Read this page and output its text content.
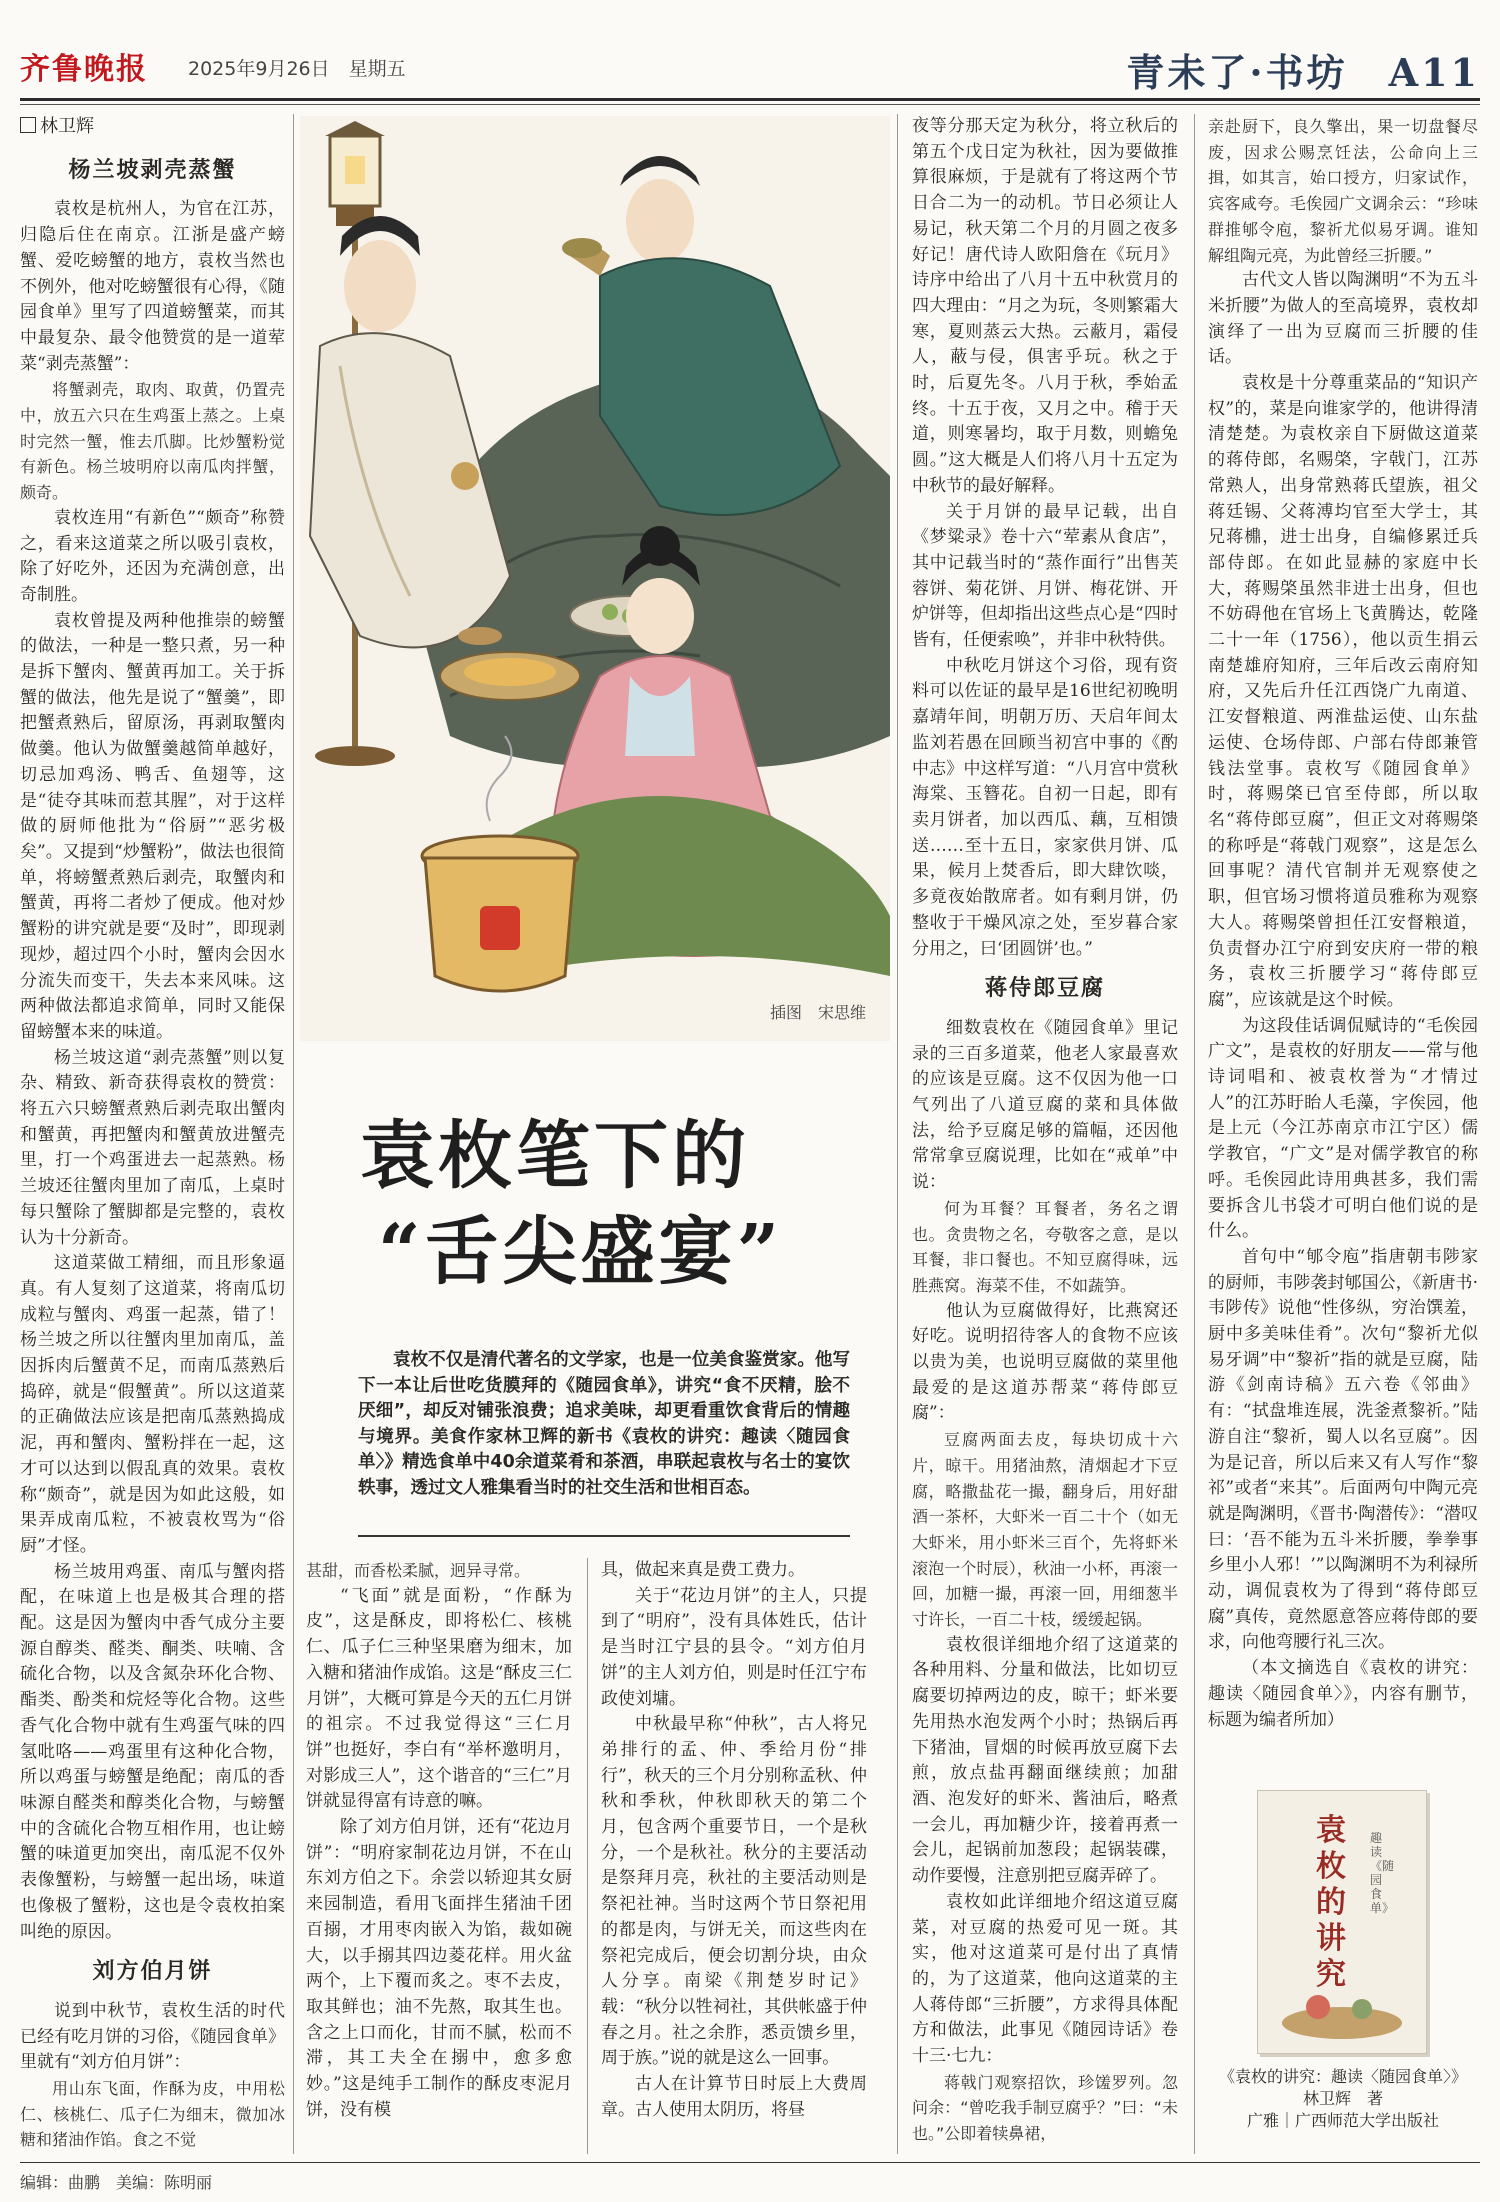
齐鲁晚报 2025年9月26日　星期五	青未了·书坊　A11

林卫辉

杨兰坡剥壳蒸蟹

袁枚是杭州人，为官在江苏，归隐后住在南京。江浙是盛产螃蟹、爱吃螃蟹的地方，袁枚当然也不例外，他对吃螃蟹很有心得，《随园食单》里写了四道螃蟹菜，而其中最复杂、最令他赞赏的是一道荤菜“剥壳蒸蟹”：

将蟹剥壳，取肉、取黄，仍置壳中，放五六只在生鸡蛋上蒸之。上桌时完然一蟹，惟去爪脚。比炒蟹粉觉有新色。杨兰坡明府以南瓜肉拌蟹，颇奇。

袁枚连用“有新色”“颇奇”称赞之，看来这道菜之所以吸引袁枚，除了好吃外，还因为充满创意，出奇制胜。

袁枚曾提及两种他推崇的螃蟹的做法，一种是一整只煮，另一种是拆下蟹肉、蟹黄再加工。关于拆蟹的做法，他先是说了“蟹羹”，即把蟹煮熟后，留原汤，再剥取蟹肉做羹。他认为做蟹羹越简单越好，切忌加鸡汤、鸭舌、鱼翅等，这是“徒夺其味而惹其腥”，对于这样做的厨师他批为“俗厨”“恶劣极矣”。又提到“炒蟹粉”，做法也很简单，将螃蟹煮熟后剥壳，取蟹肉和蟹黄，再将二者炒了便成。他对炒蟹粉的讲究就是要“及时”，即现剥现炒，超过四个小时，蟹肉会因水分流失而变干，失去本来风味。这两种做法都追求简单，同时又能保留螃蟹本来的味道。

杨兰坡这道“剥壳蒸蟹”则以复杂、精致、新奇获得袁枚的赞赏：将五六只螃蟹煮熟后剥壳取出蟹肉和蟹黄，再把蟹肉和蟹黄放进蟹壳里，打一个鸡蛋进去一起蒸熟。杨兰坡还往蟹肉里加了南瓜，上桌时每只蟹除了蟹脚都是完整的，袁枚认为十分新奇。

这道菜做工精细，而且形象逼真。有人复刻了这道菜，将南瓜切成粒与蟹肉、鸡蛋一起蒸，错了！杨兰坡之所以往蟹肉里加南瓜，盖因拆肉后蟹黄不足，而南瓜蒸熟后捣碎，就是“假蟹黄”。所以这道菜的正确做法应该是把南瓜蒸熟捣成泥，再和蟹肉、蟹粉拌在一起，这才可以达到以假乱真的效果。袁枚称“颇奇”，就是因为如此这般，如果弄成南瓜粒，不被袁枚骂为“俗厨”才怪。

杨兰坡用鸡蛋、南瓜与蟹肉搭配，在味道上也是极其合理的搭配。这是因为蟹肉中香气成分主要源自醇类、醛类、酮类、呋喃、含硫化合物，以及含氮杂环化合物、酯类、酚类和烷烃等化合物。这些香气化合物中就有生鸡蛋气味的四氢吡咯——鸡蛋里有这种化合物，所以鸡蛋与螃蟹是绝配；南瓜的香味源自醛类和醇类化合物，与螃蟹中的含硫化合物互相作用，也让螃蟹的味道更加突出，南瓜泥不仅外表像蟹粉，与螃蟹一起出场，味道也像极了蟹粉，这也是令袁枚拍案叫绝的原因。

刘方伯月饼

说到中秋节，袁枚生活的时代已经有吃月饼的习俗，《随园食单》里就有“刘方伯月饼”：

用山东飞面，作酥为皮，中用松仁、核桃仁、瓜子仁为细末，微加冰糖和猪油作馅。食之不觉

插图　宋思维
袁枚笔下的
“舌尖盛宴”

袁枚不仅是清代著名的文学家，也是一位美食鉴赏家。他写下一本让后世吃货膜拜的《随园食单》，讲究“食不厌精，脍不厌细”，却反对铺张浪费；追求美味，却更看重饮食背后的情趣与境界。美食作家林卫辉的新书《袁枚的讲究：趣读〈随园食单〉》精选食单中40余道菜肴和茶酒，串联起袁枚与名士的宴饮轶事，透过文人雅集看当时的社交生活和世相百态。

甚甜，而香松柔腻，迥异寻常。

“飞面”就是面粉，“作酥为皮”，这是酥皮，即将松仁、核桃仁、瓜子仁三种坚果磨为细末，加入糖和猪油作成馅。这是“酥皮三仁月饼”，大概可算是今天的五仁月饼的祖宗。不过我觉得这“三仁月饼”也挺好，李白有“举杯邀明月，对影成三人”，这个谐音的“三仁”月饼就显得富有诗意的嘛。

除了刘方伯月饼，还有“花边月饼”：“明府家制花边月饼，不在山东刘方伯之下。余尝以轿迎其女厨来园制造，看用飞面拌生猪油千团百搦，才用枣肉嵌入为馅，裁如碗大，以手搦其四边菱花样。用火盆两个，上下覆而炙之。枣不去皮，取其鲜也；油不先熬，取其生也。含之上口而化，甘而不腻，松而不滞，其工夫全在搦中，愈多愈妙。”这是纯手工制作的酥皮枣泥月饼，没有模

具，做起来真是费工费力。

关于“花边月饼”的主人，只提到了“明府”，没有具体姓氏，估计是当时江宁县的县令。“刘方伯月饼”的主人刘方伯，则是时任江宁布政使刘墉。

中秋最早称“仲秋”，古人将兄弟排行的孟、仲、季给月份“排行”，秋天的三个月分别称孟秋、仲秋和季秋，仲秋即秋天的第二个月，包含两个重要节日，一个是秋分，一个是秋社。秋分的主要活动是祭拜月亮，秋社的主要活动则是祭祀社神。当时这两个节日祭祀用的都是肉，与饼无关，而这些肉在祭祀完成后，便会切割分块，由众人分享。南梁《荆楚岁时记》载：“秋分以牲祠社，其供帐盛于仲春之月。社之余胙，悉贡馈乡里，周于族。”说的就是这么一回事。

古人在计算节日时辰上大费周章。古人使用太阴历，将昼

夜等分那天定为秋分，将立秋后的第五个戊日定为秋社，因为要做推算很麻烦，于是就有了将这两个节日合二为一的动机。节日必须让人易记，秋天第二个月的月圆之夜多好记！唐代诗人欧阳詹在《玩月》诗序中给出了八月十五中秋赏月的四大理由：“月之为玩，冬则繁霜大寒，夏则蒸云大热。云蔽月，霜侵人，蔽与侵，俱害乎玩。秋之于时，后夏先冬。八月于秋，季始孟终。十五于夜，又月之中。稽于天道，则寒暑均，取于月数，则蟾兔圆。”这大概是人们将八月十五定为中秋节的最好解释。

关于月饼的最早记载，出自《梦粱录》卷十六“荤素从食店”，其中记载当时的“蒸作面行”出售芙蓉饼、菊花饼、月饼、梅花饼、开炉饼等，但却指出这些点心是“四时皆有，任便索唤”，并非中秋特供。

中秋吃月饼这个习俗，现有资料可以佐证的最早是16世纪初晚明嘉靖年间，明朝万历、天启年间太监刘若愚在回顾当初宫中事的《酌中志》中这样写道：“八月宫中赏秋海棠、玉簪花。自初一日起，即有卖月饼者，加以西瓜、藕，互相馈送……至十五日，家家供月饼、瓜果，候月上焚香后，即大肆饮啖，多竟夜始散席者。如有剩月饼，仍整收于干燥风凉之处，至岁暮合家分用之，曰‘团圆饼’也。”

蒋侍郎豆腐

细数袁枚在《随园食单》里记录的三百多道菜，他老人家最喜欢的应该是豆腐。这不仅因为他一口气列出了八道豆腐的菜和具体做法，给予豆腐足够的篇幅，还因他常常拿豆腐说理，比如在“戒单”中说：

何为耳餐？耳餐者，务名之谓也。贪贵物之名，夸敬客之意，是以耳餐，非口餐也。不知豆腐得味，远胜燕窝。海菜不佳，不如蔬笋。

他认为豆腐做得好，比燕窝还好吃。说明招待客人的食物不应该以贵为美，也说明豆腐做的菜里他最爱的是这道苏帮菜“蒋侍郎豆腐”：

豆腐两面去皮，每块切成十六片，晾干。用猪油熬，清烟起才下豆腐，略撒盐花一撮，翻身后，用好甜酒一茶杯，大虾米一百二十个（如无大虾米，用小虾米三百个，先将虾米滚泡一个时辰），秋油一小杯，再滚一回，加糖一撮，再滚一回，用细葱半寸许长，一百二十枝，缓缓起锅。

袁枚很详细地介绍了这道菜的各种用料、分量和做法，比如切豆腐要切掉两边的皮，晾干；虾米要先用热水泡发两个小时；热锅后再下猪油，冒烟的时候再放豆腐下去煎，放点盐再翻面继续煎；加甜酒、泡发好的虾米、酱油后，略煮一会儿，再加糖少许，接着再煮一会儿，起锅前加葱段；起锅装碟，动作要慢，注意别把豆腐弄碎了。

袁枚如此详细地介绍这道豆腐菜，对豆腐的热爱可见一斑。其实，他对这道菜可是付出了真情的，为了这道菜，他向这道菜的主人蒋侍郎“三折腰”，方求得具体配方和做法，此事见《随园诗话》卷十三·七九：

蒋戟门观察招饮，珍馐罗列。忽问余：“曾吃我手制豆腐乎？”曰：“未也。”公即着犊鼻裙，

亲赴厨下，良久擎出，果一切盘餐尽废，因求公赐烹饪法，公命向上三揖，如其言，始口授方，归家试作，宾客咸夸。毛俟园广文调余云：“珍味群推郇令庖，黎祈尤似易牙调。谁知解组陶元亮，为此曾经三折腰。”

古代文人皆以陶渊明“不为五斗米折腰”为做人的至高境界，袁枚却演绎了一出为豆腐而三折腰的佳话。

袁枚是十分尊重菜品的“知识产权”的，菜是向谁家学的，他讲得清清楚楚。为袁枚亲自下厨做这道菜的蒋侍郎，名赐棨，字戟门，江苏常熟人，出身常熟蒋氏望族，祖父蒋廷锡、父蒋溥均官至大学士，其兄蒋檙，进士出身，自编修累迁兵部侍郎。在如此显赫的家庭中长大，蒋赐棨虽然非进士出身，但也不妨碍他在官场上飞黄腾达，乾隆二十一年（1756），他以贡生捐云南楚雄府知府，三年后改云南府知府，又先后升任江西饶广九南道、江安督粮道、两淮盐运使、山东盐运使、仓场侍郎、户部右侍郎兼管钱法堂事。袁枚写《随园食单》时，蒋赐棨已官至侍郎，所以取名“蒋侍郎豆腐”，但正文对蒋赐棨的称呼是“蒋戟门观察”，这是怎么回事呢？清代官制并无观察使之职，但官场习惯将道员雅称为观察大人。蒋赐棨曾担任江安督粮道，负责督办江宁府到安庆府一带的粮务，袁枚三折腰学习“蒋侍郎豆腐”，应该就是这个时候。

为这段佳话调侃赋诗的“毛俟园广文”，是袁枚的好朋友——常与他诗词唱和、被袁枚誉为“才情过人”的江苏盱眙人毛藻，字俟园，他是上元（今江苏南京市江宁区）儒学教官，“广文”是对儒学教官的称呼。毛俟园此诗用典甚多，我们需要拆含儿书袋才可明白他们说的是什么。

首句中“郇令庖”指唐朝韦陟家的厨师，韦陟袭封郇国公，《新唐书·韦陟传》说他“性侈纵，穷治馔羞，厨中多美味佳肴”。次句“黎祈尤似易牙调”中“黎祈”指的就是豆腐，陆游《剑南诗稿》五六卷《邻曲》有：“拭盘堆连展，洗釜煮黎祈。”陆游自注“黎祈，蜀人以名豆腐”。因为是记音，所以后来又有人写作“黎祁”或者“来其”。后面两句中陶元亮就是陶渊明，《晋书·陶潜传》：“潜叹曰：‘吾不能为五斗米折腰，拳拳事乡里小人邪！’”以陶渊明不为利禄所动，调侃袁枚为了得到“蒋侍郎豆腐”真传，竟然愿意答应蒋侍郎的要求，向他弯腰行礼三次。

（本文摘选自《袁枚的讲究：趣读〈随园食单〉》，内容有删节，标题为编者所加）

袁枚的讲究
趣读《随园食单》
《袁枚的讲究：趣读〈随园食单〉》
林卫辉　著
广雅｜广西师范大学出版社
编辑：曲鹏　美编：陈明丽
